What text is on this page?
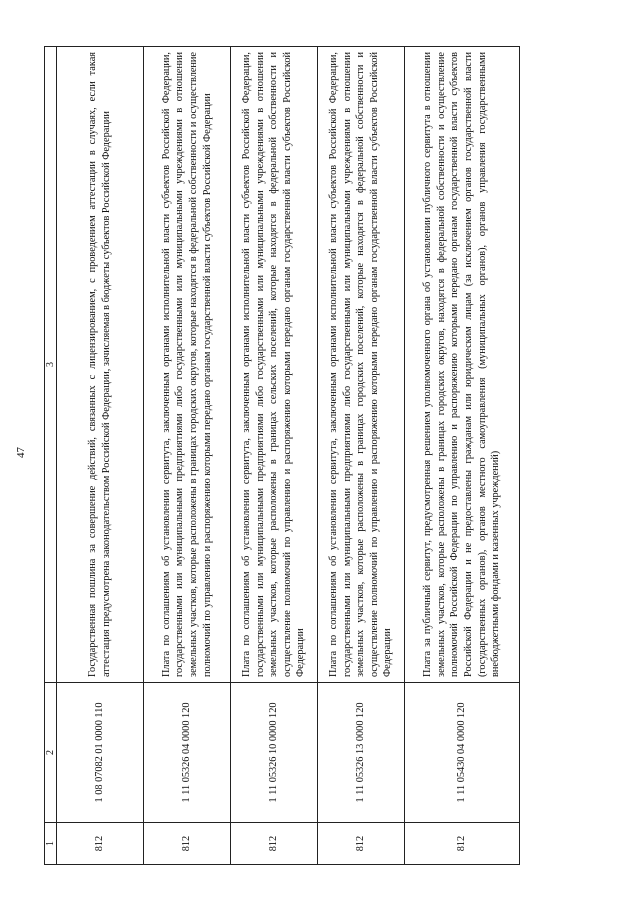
47
1	2	3
812	1 08 07082 01 0000 110	Государственная пошлина за совершение действий, связанных с лицензированием, с проведением аттестации в случаях, если такая аттестация предусмотрена законодательством Российской Федерации, зачисляемая в бюджеты субъектов Российской Федерации
812	1 11 05326 04 0000 120	Плата по соглашениям об установлении сервитута, заключенным органами исполнительной власти субъектов Российской Федерации, государственными или муниципальными предприятиями либо государственными или муниципальными учреждениями в отношении земельных участков, которые расположены в границах городских округов, которые находятся в федеральной собственности и осуществление полномочий по управлению и распоряжению которыми передано органам государственной власти субъектов Российской Федерации
812	1 11 05326 10 0000 120	Плата по соглашениям об установлении сервитута, заключенным органами исполнительной власти субъектов Российской Федерации, государственными или муниципальными предприятиями либо государственными или муниципальными учреждениями в отношении земельных участков, которые расположены в границах сельских поселений, которые находятся в федеральной собственности и осуществление полномочий по управлению и распоряжению которыми передано органам государственной власти субъектов Российской Федерации
812	1 11 05326 13 0000 120	Плата по соглашениям об установлении сервитута, заключенным органами исполнительной власти субъектов Российской Федерации, государственными или муниципальными предприятиями либо государственными или муниципальными учреждениями в отношении земельных участков, которые расположены в границах городских поселений, которые находятся в федеральной собственности и осуществление полномочий по управлению и распоряжению которыми передано органам государственной власти субъектов Российской Федерации
812	1 11 05430 04 0000 120	Плата за публичный сервитут, предусмотренная решением уполномоченного органа об установлении публичного сервитута в отношении земельных участков, которые расположены в границах городских округов, находятся в федеральной собственности и осуществление полномочий Российской Федерации по управлению и распоряжению которыми передано органам государственной власти субъектов Российской Федерации и не предоставлены гражданам или юридическим лицам (за исключением органов государственной власти (государственных органов), органов местного самоуправления (муниципальных органов), органов управления государственными внебюджетными фондами и казенных учреждений)
